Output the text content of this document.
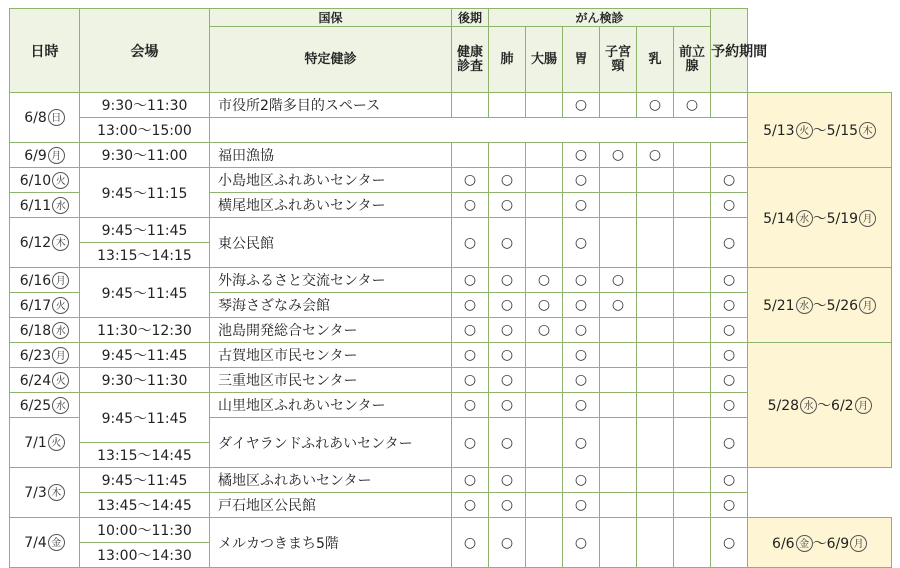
日時	会場	国保	後期	がん検診						予約期間	
		特定健診	健康診査	肺	大腸	胃	子宮頸	乳	前立腺		
6/8 日	9:30～11:30	市役所2階多目的スペース				○		○	○		5/13 火 ～5/15 木
	13:00～15:00										
6/9 月	9:30～11:00	福田漁協				○	○	○			
6/10 火	9:45～11:15	小島地区ふれあいセンター	○	○		○				○	5/14 水 ～5/19 月
6/11 水		横尾地区ふれあいセンター	○	○		○				○	
6/12 木	9:45～11:45	東公民館	○	○		○				○	
	13:15～14:15										
6/16 月	9:45～11:45	外海ふるさと交流センター	○	○	○	○	○			○	5/21 水 ～5/26 月
6/17 火		琴海さざなみ会館	○	○	○	○	○			○	
6/18 水	11:30～12:30	池島開発総合センター	○	○	○	○				○	
6/23 月	9:45～11:45	古賀地区市民センター	○	○		○				○	5/28 水 ～6/2 月
6/24 火	9:30～11:30	三重地区市民センター	○	○		○				○	
6/25 水	9:45～11:45	山里地区ふれあいセンター	○	○		○				○	
7/1 火		ダイヤランドふれあいセンター	○	○		○				○	
	13:15～14:45										
7/3 木	9:45～11:45	橘地区ふれあいセンター	○	○		○				○	
	13:45～14:45	戸石地区公民館	○	○		○				○	
7/4 金	10:00～11:30	メルカつきまち5階	○	○		○				○	6/6 金 ～6/9 月
	13:00～14:30										
